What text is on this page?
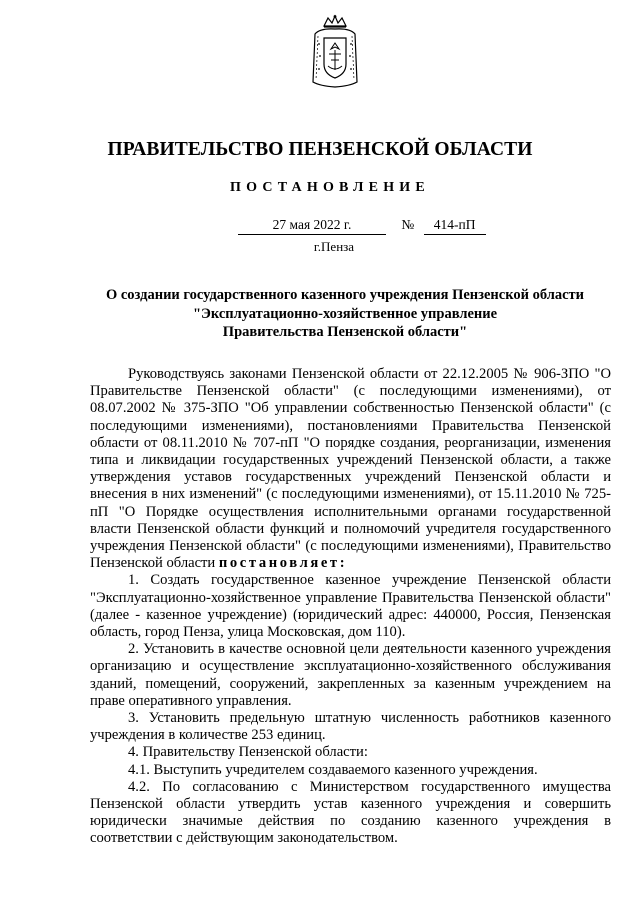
ПРАВИТЕЛЬСТВО ПЕНЗЕНСКОЙ ОБЛАСТИ
ПОСТАНОВЛЕНИЕ
27 мая 2022 г.	№ 414-пП
г.Пенза
О создании государственного казенного учреждения Пензенской области
"Эксплуатационно-хозяйственное управление
Правительства Пензенской области"

Руководствуясь законами Пензенской области от 22.12.2005 № 906-ЗПО "О Правительстве Пензенской области" (с последующими изменениями), от 08.07.2002 № 375-ЗПО "Об управлении собственностью Пензенской области" (с последующими изменениями), постановлениями Правительства Пензенской области от 08.11.2010 № 707-пП "О порядке создания, реорганизации, изменения типа и ликвидации государственных учреждений Пензенской области, а также утверждения уставов государственных учреждений Пензенской области и внесения в них изменений" (с последующими изменениями), от 15.11.2010 № 725-пП "О Порядке осуществления исполнительными органами государственной власти Пензенской области функций и полномочий учредителя государственного учреждения Пензенской области" (с последующими изменениями), Правительство Пензенской области постановляет:

1. Создать государственное казенное учреждение Пензенской области "Эксплуатационно-хозяйственное управление Правительства Пензенской области" (далее - казенное учреждение) (юридический адрес: 440000, Россия, Пензенская область, город Пенза, улица Московская, дом 110).

2. Установить в качестве основной цели деятельности казенного учреждения организацию и осуществление эксплуатационно-хозяйственного обслуживания зданий, помещений, сооружений, закрепленных за казенным учреждением на праве оперативного управления.

3. Установить предельную штатную численность работников казенного учреждения в количестве 253 единиц.

4. Правительству Пензенской области:

4.1. Выступить учредителем создаваемого казенного учреждения.

4.2. По согласованию с Министерством государственного имущества Пензенской области утвердить устав казенного учреждения и совершить юридически значимые действия по созданию казенного учреждения в соответствии с действующим законодательством.
